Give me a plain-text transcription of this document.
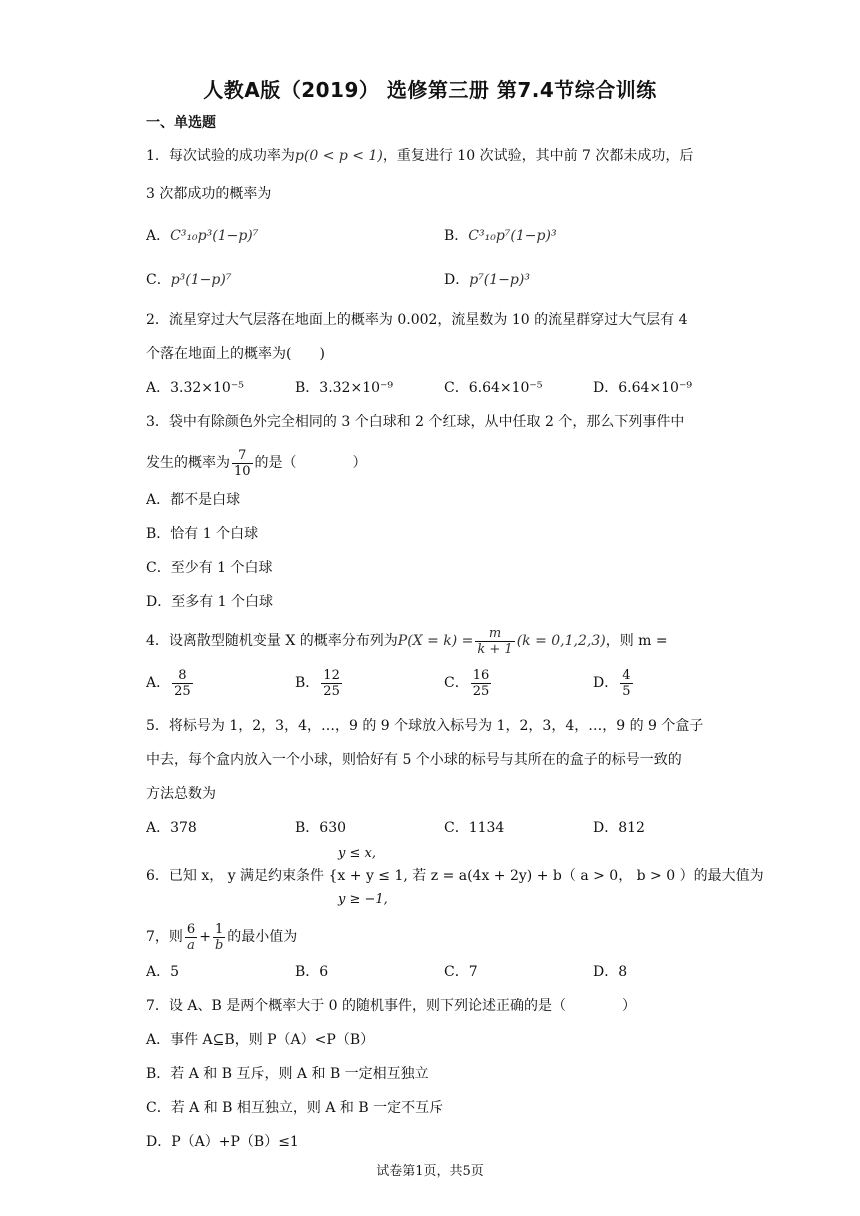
人教A版（2019） 选修第三册 第7.4节综合训练
一、单选题
1．每次试验的成功率为p(0 < p < 1)，重复进行 10 次试验，其中前 7 次都未成功，后
3 次都成功的概率为
A．C³₁₀p³(1−p)⁷	B．C³₁₀p⁷(1−p)³
C．p³(1−p)⁷	D．p⁷(1−p)³
2．流星穿过大气层落在地面上的概率为 0.002，流星数为 10 的流星群穿过大气层有 4
个落在地面上的概率为(　　)
A．3.32×10⁻⁵	B．3.32×10⁻⁹	C．6.64×10⁻⁵	D．6.64×10⁻⁹
3．袋中有除颜色外完全相同的 3 个白球和 2 个红球，从中任取 2 个，那么下列事件中
发生的概率为 $\frac{7}{10}$ 的是（　　　　）
A．都不是白球
B．恰有 1 个白球
C．至少有 1 个白球
D．至多有 1 个白球
4．设离散型随机变量 X 的概率分布列为$P(X = k) = \frac{m}{k + 1} (k = 0,1,2,3)$，则 m =
A． $\frac{8}{25}$	B． $\frac{12}{25}$	C． $\frac{16}{25}$	D． $\frac{4}{5}$
5．将标号为 1，2，3，4，…，9 的 9 个球放入标号为 1，2，3，4，…，9 的 9 个盒子
中去，每个盒内放入一个小球，则恰好有 5 个小球的标号与其所在的盒子的标号一致的
方法总数为
A．378	B．630	C．1134	D．812
y ≤ x,
6．已知 x， y 满足约束条件 {x + y ≤ 1, 若 z = a(4x + 2y) + b（ a > 0， b > 0 ）的最大值为
y ≥ −1,
7，则 $\frac{6}{a} + \frac{1}{b}$ 的最小值为
A．5	B．6	C．7	D．8
7．设 A、B 是两个概率大于 0 的随机事件，则下列论述正确的是（　　　　）
A．事件 A⊆B，则 P（A）<P（B）
B．若 A 和 B 互斥，则 A 和 B 一定相互独立
C．若 A 和 B 相互独立，则 A 和 B 一定不互斥
D．P（A）+P（B）≤1
试卷第1页，共5页
